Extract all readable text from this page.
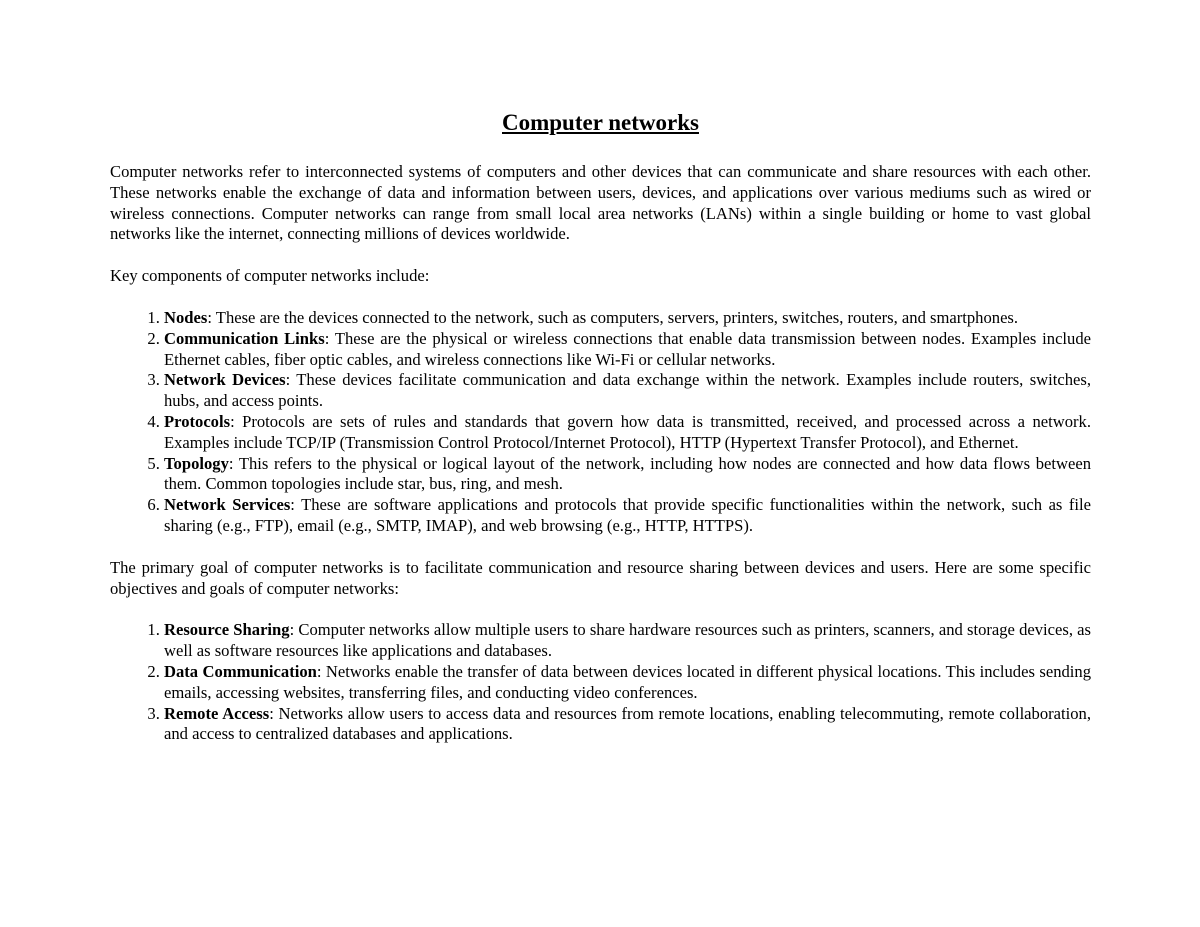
Computer networks

Computer networks refer to interconnected systems of computers and other devices that can communicate and share resources with each other. These networks enable the exchange of data and information between users, devices, and applications over various mediums such as wired or wireless connections. Computer networks can range from small local area networks (LANs) within a single building or home to vast global networks like the internet, connecting millions of devices worldwide.

Key components of computer networks include:

1. Nodes: These are the devices connected to the network, such as computers, servers, printers, switches, routers, and smartphones.
2. Communication Links: These are the physical or wireless connections that enable data transmission between nodes. Examples include Ethernet cables, fiber optic cables, and wireless connections like Wi-Fi or cellular networks.
3. Network Devices: These devices facilitate communication and data exchange within the network. Examples include routers, switches, hubs, and access points.
4. Protocols: Protocols are sets of rules and standards that govern how data is transmitted, received, and processed across a network. Examples include TCP/IP (Transmission Control Protocol/Internet Protocol), HTTP (Hypertext Transfer Protocol), and Ethernet.
5. Topology: This refers to the physical or logical layout of the network, including how nodes are connected and how data flows between them. Common topologies include star, bus, ring, and mesh.
6. Network Services: These are software applications and protocols that provide specific functionalities within the network, such as file sharing (e.g., FTP), email (e.g., SMTP, IMAP), and web browsing (e.g., HTTP, HTTPS).

The primary goal of computer networks is to facilitate communication and resource sharing between devices and users. Here are some specific objectives and goals of computer networks:

1. Resource Sharing: Computer networks allow multiple users to share hardware resources such as printers, scanners, and storage devices, as well as software resources like applications and databases.
2. Data Communication: Networks enable the transfer of data between devices located in different physical locations. This includes sending emails, accessing websites, transferring files, and conducting video conferences.
3. Remote Access: Networks allow users to access data and resources from remote locations, enabling telecommuting, remote collaboration, and access to centralized databases and applications.
